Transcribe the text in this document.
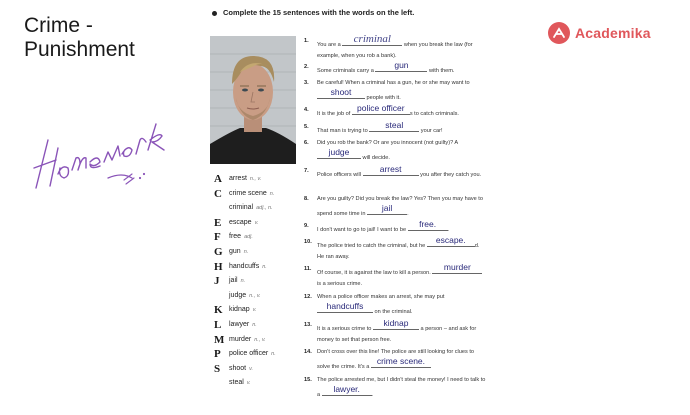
Crime -
Punishment
Complete the 15 sentences with the words on the left.
Academika
A	arrest n., v.
C	crime scene n.
criminal adj., n.
E	escape v.
F	free adj.
G gun n.
H handcuffs n.
J	jail n.
judge n., v.
K kidnap v.
L	lawyer n.
M murder n., v.
P	police officer n.
S	shoot v.
steal v.
1.
You are a	criminal	when you break the law (for example, when you rob a bank).
2.
Some criminals carry a
gun
with them.
3. Be careful! When a criminal has a gun, he or she may want to
shoot
people with it.
4.
It is the job of
police officer
s to catch criminals.
5.
That man is trying to
steal
your car!
6. Did you rob the bank? Or are you innocent (not guilty)? A
judge
will decide.
7.
Police officers will
arrest
you after they catch you.
8. Are you guilty? Did you break the law? Yes? Then you may have to spend some time in
jail
.
9.
I don't want to go to jail! I want to be
free.
.
10.
The police tried to catch the criminal, but he
escape.
d. He ran away.
11.
Of course, it is against the law to kill a person.
murder
is a serious crime.
12. When a police officer makes an arrest, she may put
handcuffs
on the criminal.
13.
It is a serious crime to
kidnap
a person – and ask for money to set that person free.
14. Don't cross over this line! The police are still looking for clues to solve the crime. It's a
crime scene.
15. The police arrested me, but I didn't steal the money! I need to talk to a
lawyer.
.
